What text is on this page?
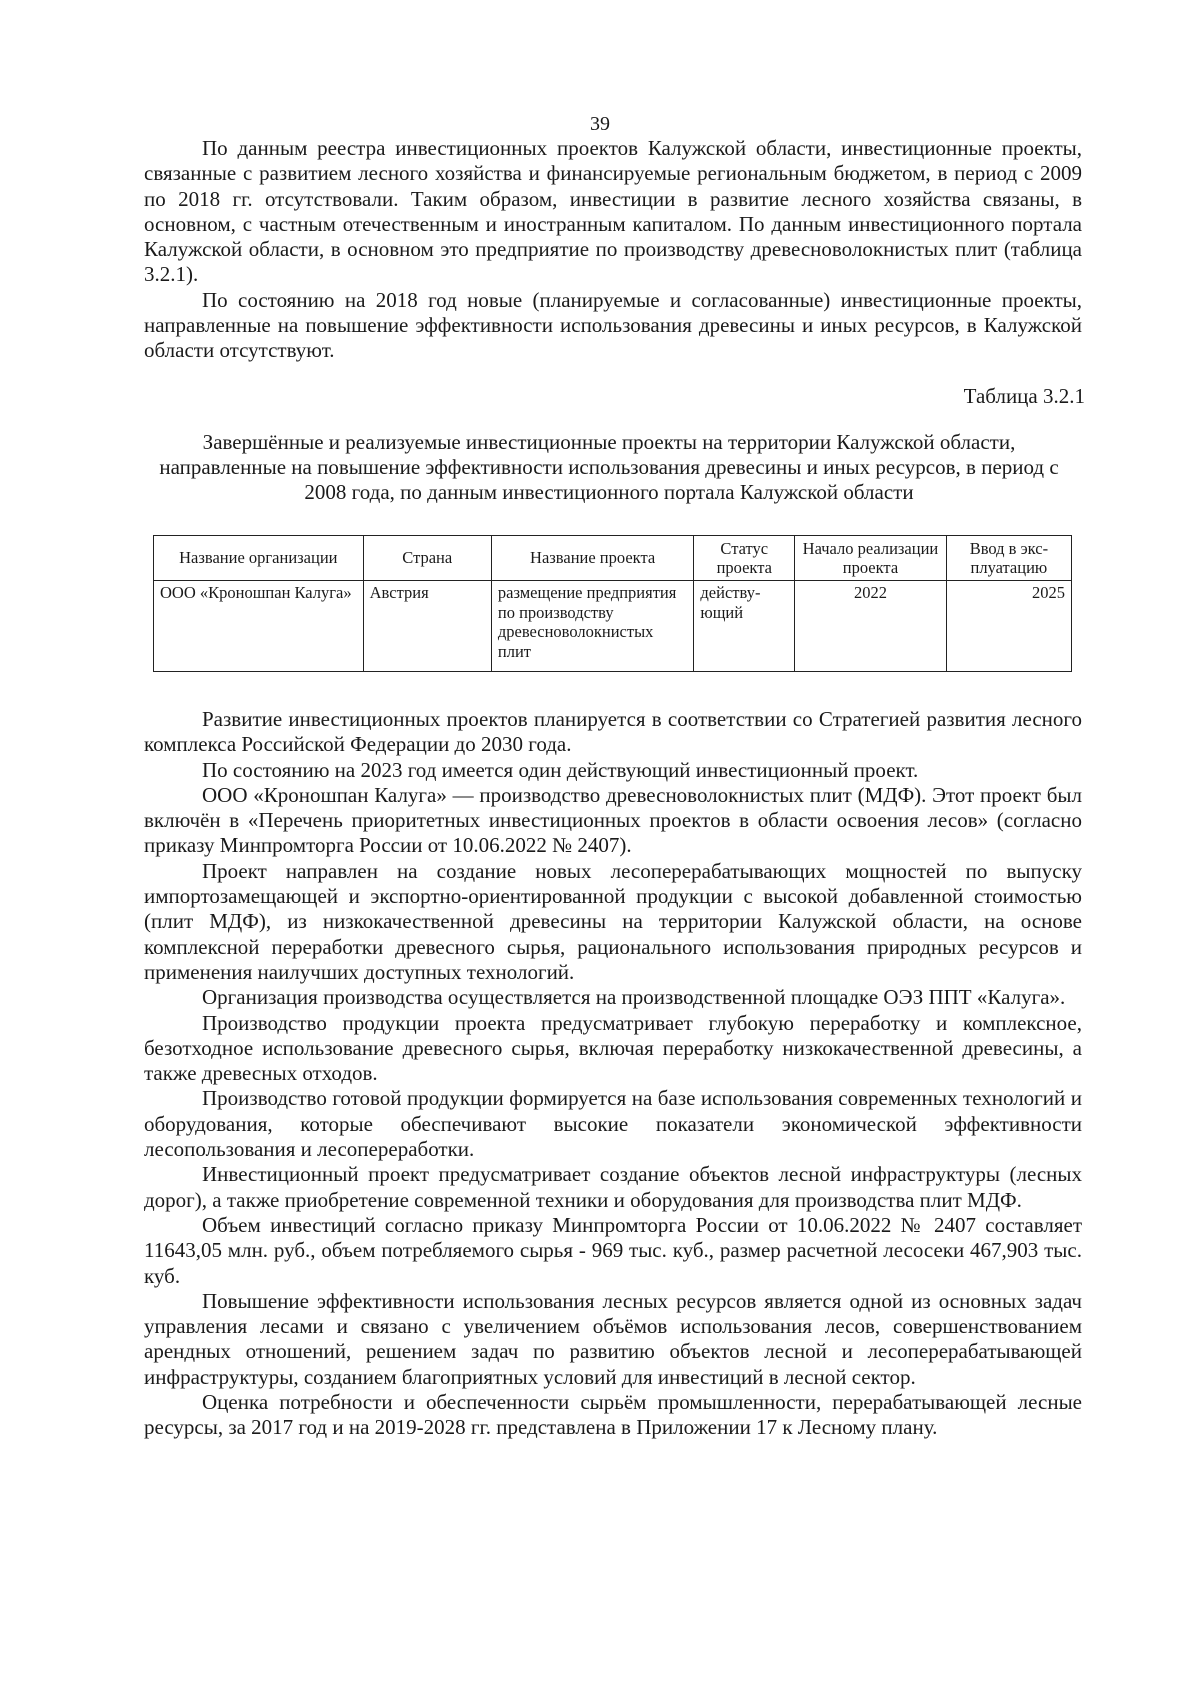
39

По данным реестра инвестиционных проектов Калужской области, инвестиционные проекты, связанные с развитием лесного хозяйства и финансируемые региональным бюджетом, в период с 2009 по 2018 гг. отсутствовали. Таким образом, инвестиции в развитие лесного хозяйства связаны, в основном, с частным отечественным и иностранным капиталом. По данным инвестиционного портала Калужской области, в основном это предприятие по производству древесноволокнистых плит (таблица 3.2.1).

По состоянию на 2018 год новые (планируемые и согласованные) инвестиционные проекты, направленные на повышение эффективности использования древесины и иных ресурсов, в Калужской области отсутствуют.

Таблица 3.2.1
Завершённые и реализуемые инвестиционные проекты на территории Калужской области, направленные на повышение эффективности использования древесины и иных ресурсов, в период с 2008 года, по данным инвестиционного портала Калужской области
Название организации	Страна	Название проекта	Статус проекта	Начало реализации проекта	Ввод в эксплуатацию
ООО «Кроношпан Калуга»	Австрия	размещение предприятия по производству древесноволокнистых плит	действующий	2022	2025

Развитие инвестиционных проектов планируется в соответствии со Стратегией развития лесного комплекса Российской Федерации до 2030 года.

По состоянию на 2023 год имеется один действующий инвестиционный проект.

ООО «Кроношпан Калуга» — производство древесноволокнистых плит (МДФ). Этот проект был включён в «Перечень приоритетных инвестиционных проектов в области освоения лесов» (согласно приказу Минпромторга России от 10.06.2022 № 2407).

Проект направлен на создание новых лесоперерабатывающих мощностей по выпуску импортозамещающей и экспортно-ориентированной продукции с высокой добавленной стоимостью (плит МДФ), из низкокачественной древесины на территории Калужской области, на основе комплексной переработки древесного сырья, рационального использования природных ресурсов и применения наилучших доступных технологий.

Организация производства осуществляется на производственной площадке ОЭЗ ППТ «Калуга».

Производство продукции проекта предусматривает глубокую переработку и комплексное, безотходное использование древесного сырья, включая переработку низкокачественной древесины, а также древесных отходов.

Производство готовой продукции формируется на базе использования современных технологий и оборудования, которые обеспечивают высокие показатели экономической эффективности лесопользования и лесопереработки.

Инвестиционный проект предусматривает создание объектов лесной инфраструктуры (лесных дорог), а также приобретение современной техники и оборудования для производства плит МДФ.

Объем инвестиций согласно приказу Минпромторга России от 10.06.2022 № 2407 составляет 11643,05 млн. руб., объем потребляемого сырья - 969 тыс. куб., размер расчетной лесосеки 467,903 тыс. куб.

Повышение эффективности использования лесных ресурсов является одной из основных задач управления лесами и связано с увеличением объёмов использования лесов, совершенствованием арендных отношений, решением задач по развитию объектов лесной и лесоперерабатывающей инфраструктуры, созданием благоприятных условий для инвестиций в лесной сектор.

Оценка потребности и обеспеченности сырьём промышленности, перерабатывающей лесные ресурсы, за 2017 год и на 2019-2028 гг. представлена в Приложении 17 к Лесному плану.
